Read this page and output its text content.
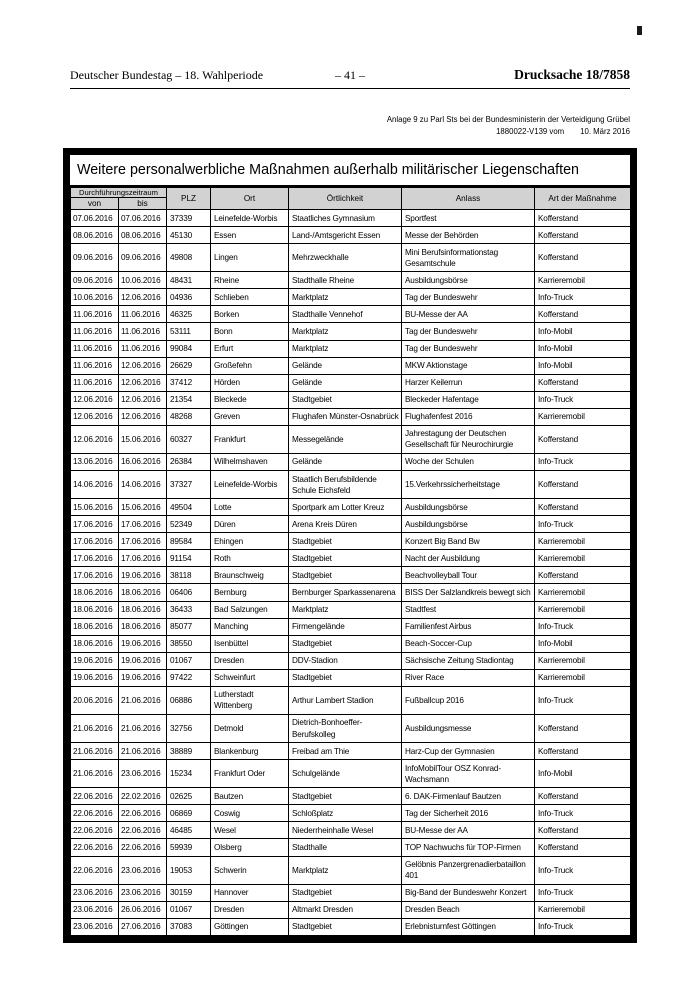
Deutscher Bundestag – 18. Wahlperiode	– 41 –	Drucksache 18/7858
Anlage 9 zu Parl Sts bei der Bundesministerin der Verteidigung Grübel
1880022-V139 vom 10. März 2016
Weitere personalwerbliche Maßnahmen außerhalb militärischer Liegenschaften
Durchführungszeitraum		PLZ	Ort	Örtlichkeit	Anlass	Art der Maßnahme
von	bis					
07.06.2016	07.06.2016	37339	Leinefelde-Worbis	Staatliches Gymnasium	Sportfest	Kofferstand
08.06.2016	08.06.2016	45130	Essen	Land-/Amtsgericht Essen	Messe der Behörden	Kofferstand
09.06.2016	09.06.2016	49808	Lingen	Mehrzweckhalle	Mini Berufsinformationstag Gesamtschule	Kofferstand
09.06.2016	10.06.2016	48431	Rheine	Stadthalle Rheine	Ausbildungsbörse	Karrieremobil
10.06.2016	12.06.2016	04936	Schlieben	Marktplatz	Tag der Bundeswehr	Info-Truck
11.06.2016	11.06.2016	46325	Borken	Stadthalle Vennehof	BU-Messe der AA	Kofferstand
11.06.2016	11.06.2016	53111	Bonn	Marktplatz	Tag der Bundeswehr	Info-Mobil
11.06.2016	11.06.2016	99084	Erfurt	Marktplatz	Tag der Bundeswehr	Info-Mobil
11.06.2016	12.06.2016	26629	Großefehn	Gelände	MKW Aktionstage	Info-Mobil
11.06.2016	12.06.2016	37412	Hörden	Gelände	Harzer Keilerrun	Kofferstand
12.06.2016	12.06.2016	21354	Bleckede	Stadtgebiet	Bleckeder Hafentage	Info-Truck
12.06.2016	12.06.2016	48268	Greven	Flughafen Münster-Osnabrück	Flughafenfest 2016	Karrieremobil
12.06.2016	15.06.2016	60327	Frankfurt	Messegelände	Jahrestagung der Deutschen Gesellschaft für Neurochirurgie	Kofferstand
13.06.2016	16.06.2016	26384	Wilhelmshaven	Gelände	Woche der Schulen	Info-Truck
14.06.2016	14.06.2016	37327	Leinefelde-Worbis	Staatlich Berufsbildende Schule Eichsfeld	15.Verkehrssicherheitstage	Kofferstand
15.06.2016	15.06.2016	49504	Lotte	Sportpark am Lotter Kreuz	Ausbildungsbörse	Kofferstand
17.06.2016	17.06.2016	52349	Düren	Arena Kreis Düren	Ausbildungsbörse	Info-Truck
17.06.2016	17.06.2016	89584	Ehingen	Stadtgebiet	Konzert Big Band Bw	Karrieremobil
17.06.2016	17.06.2016	91154	Roth	Stadtgebiet	Nacht der Ausbildung	Karrieremobil
17.06.2016	19.06.2016	38118	Braunschweig	Stadtgebiet	Beachvolleyball Tour	Kofferstand
18.06.2016	18.06.2016	06406	Bernburg	Bernburger Sparkassenarena	BISS Der Salzlandkreis bewegt sich	Karrieremobil
18.06.2016	18.06.2016	36433	Bad Salzungen	Marktplatz	Stadtfest	Karrieremobil
18.06.2016	18.06.2016	85077	Manching	Firmengelände	Familienfest Airbus	Info-Truck
18.06.2016	19.06.2016	38550	Isenbüttel	Stadtgebiet	Beach-Soccer-Cup	Info-Mobil
19.06.2016	19.06.2016	01067	Dresden	DDV-Stadion	Sächsische Zeitung Stadiontag	Karrieremobil
19.06.2016	19.06.2016	97422	Schweinfurt	Stadtgebiet	River Race	Karrieremobil
20.06.2016	21.06.2016	06886	Lutherstadt Wittenberg	Arthur Lambert Stadion	Fußballcup 2016	Info-Truck
21.06.2016	21.06.2016	32756	Detmold	Dietrich-Bonhoeffer-Berufskolleg	Ausbildungsmesse	Kofferstand
21.06.2016	21.06.2016	38889	Blankenburg	Freibad am Thie	Harz-Cup der Gymnasien	Kofferstand
21.06.2016	23.06.2016	15234	Frankfurt Oder	Schulgelände	InfoMobilTour OSZ Konrad-Wachsmann	Info-Mobil
22.06.2016	22.02.2016	02625	Bautzen	Stadtgebiet	6. DAK-Firmenlauf Bautzen	Kofferstand
22.06.2016	22.06.2016	06869	Coswig	Schloßplatz	Tag der Sicherheit 2016	Info-Truck
22.06.2016	22.06.2016	46485	Wesel	Niederrheinhalle Wesel	BU-Messe der AA	Kofferstand
22.06.2016	22.06.2016	59939	Olsberg	Stadthalle	TOP Nachwuchs für TOP-Firmen	Kofferstand
22.06.2016	23.06.2016	19053	Schwerin	Marktplatz	Gelöbnis Panzergrenadierbataillon 401	Info-Truck
23.06.2016	23.06.2016	30159	Hannover	Stadtgebiet	Big-Band der Bundeswehr Konzert	Info-Truck
23.06.2016	26.06.2016	01067	Dresden	Altmarkt Dresden	Dresden Beach	Karrieremobil
23.06.2016	27.06.2016	37083	Göttingen	Stadtgebiet	Erlebnisturnfest Göttingen	Info-Truck
